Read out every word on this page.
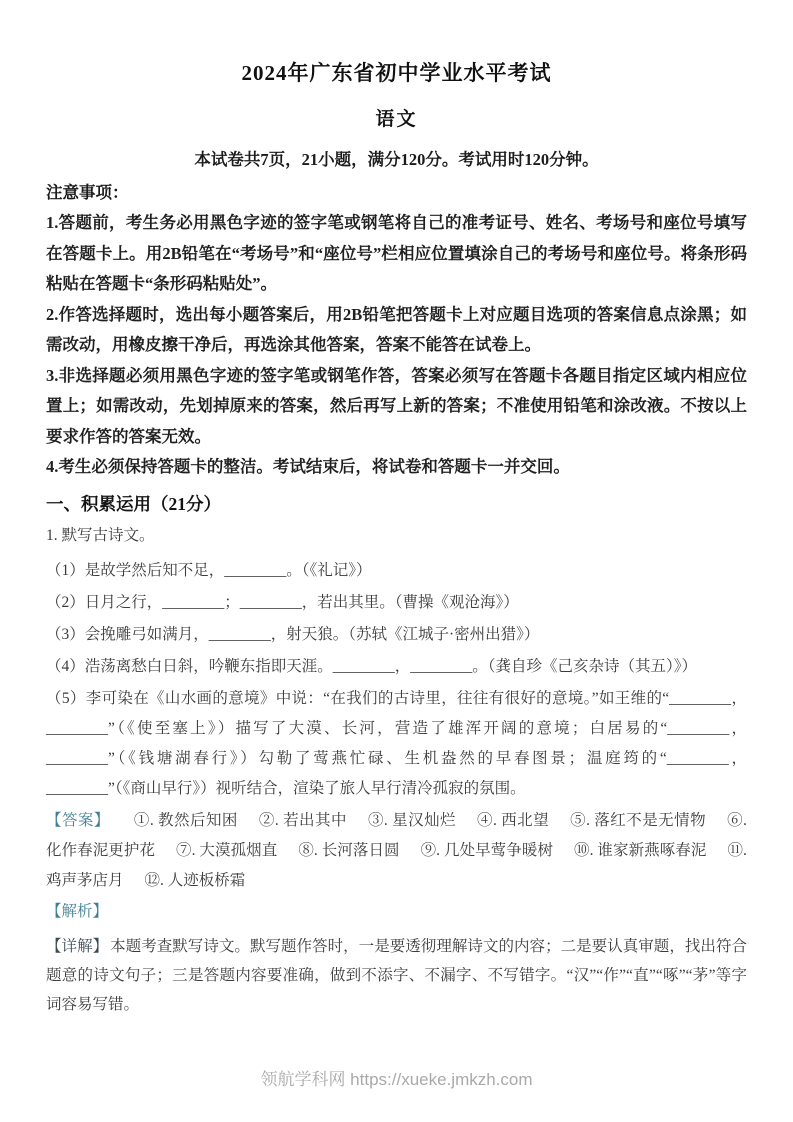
2024年广东省初中学业水平考试
语文

本试卷共7页，21小题，满分120分。考试用时120分钟。

注意事项：

1.答题前，考生务必用黑色字迹的签字笔或钢笔将自己的准考证号、姓名、考场号和座位号填写在答题卡上。用2B铅笔在“考场号”和“座位号”栏相应位置填涂自己的考场号和座位号。将条形码粘贴在答题卡“条形码粘贴处”。

2.作答选择题时，选出每小题答案后，用2B铅笔把答题卡上对应题目选项的答案信息点涂黑；如需改动，用橡皮擦干净后，再选涂其他答案，答案不能答在试卷上。

3.非选择题必须用黑色字迹的签字笔或钢笔作答，答案必须写在答题卡各题目指定区域内相应位置上；如需改动，先划掉原来的答案，然后再写上新的答案；不准使用铅笔和涂改液。不按以上要求作答的答案无效。

4.考生必须保持答题卡的整洁。考试结束后，将试卷和答题卡一并交回。

一、积累运用（21分）

1. 默写古诗文。

（1）是故学然后知不足，________。（《礼记》）

（2）日月之行，________；________，若出其里。（曹操《观沧海》）

（3）会挽雕弓如满月，________，射天狼。（苏轼《江城子·密州出猎》）

（4）浩荡离愁白日斜，吟鞭东指即天涯。________，________。（龚自珍《己亥杂诗（其五）》）

（5）李可染在《山水画的意境》中说：“在我们的古诗里，往往有很好的意境。”如王维的“________，________”（《使至塞上》）描写了大漠、长河，营造了雄浑开阔的意境；白居易的“________，________”（《钱塘湖春行》）勾勒了莺燕忙碌、生机盎然的早春图景；温庭筠的“________，________”（《商山早行》）视听结合，渲染了旅人早行清冷孤寂的氛围。

【答案】 ①. 教然后知困 ②. 若出其中 ③. 星汉灿烂 ④. 西北望 ⑤. 落红不是无情物 ⑥. 化作春泥更护花 ⑦. 大漠孤烟直 ⑧. 长河落日圆 ⑨. 几处早莺争暖树 ⑩. 谁家新燕啄春泥 ⑪. 鸡声茅店月 ⑫. 人迹板桥霜

【解析】

【详解】 本题考查默写诗文。默写题作答时，一是要透彻理解诗文的内容；二是要认真审题，找出符合题意的诗文句子；三是答题内容要准确，做到不添字、不漏字、不写错字。“汉”“作”“直”“啄”“茅”等字词容易写错。

领航学科网 https://xueke.jmkzh.com
